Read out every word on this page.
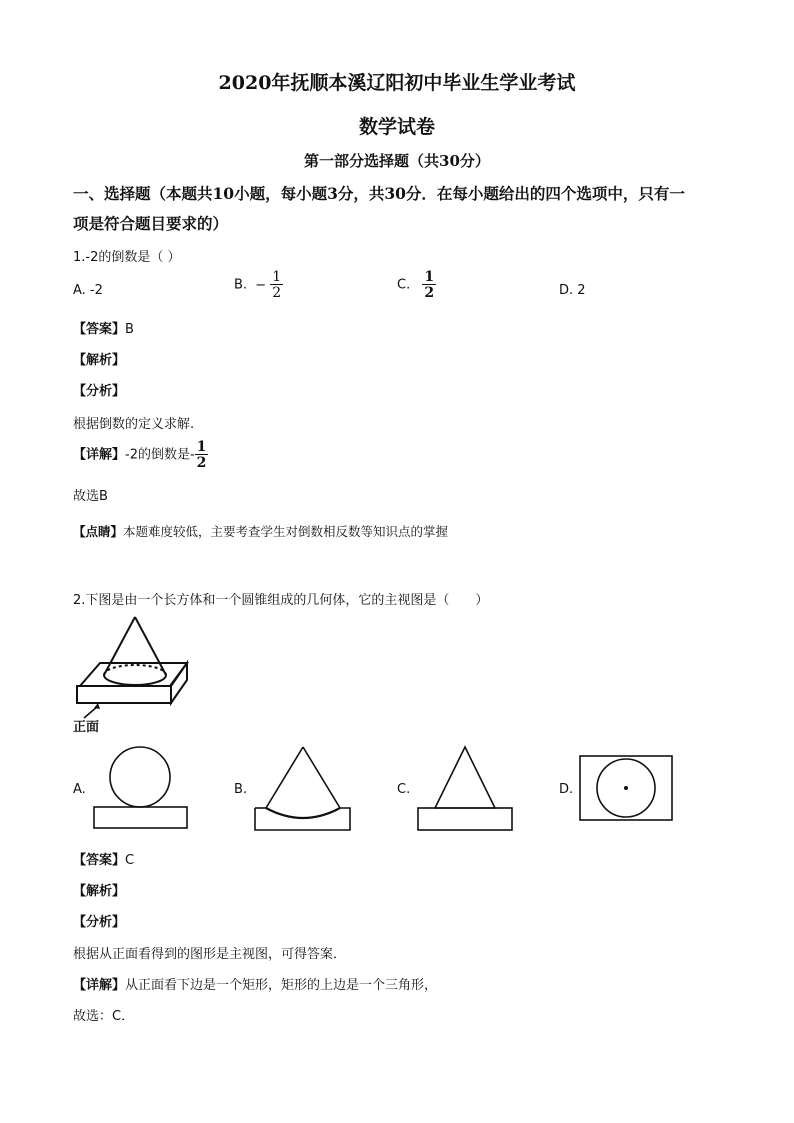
2020年抚顺本溪辽阳初中毕业生学业考试
数学试卷
第一部分选择题（共30分）
一、选择题（本题共10小题，每小题3分，共30分．在每小题给出的四个选项中，只有一
项是符合题目要求的）
1.-2的倒数是（ ）
A. -2	B. − $\frac{1}{2}$	C. $\frac{1}{2}$	D. 2
【答案】B
【解析】
【分析】
根据倒数的定义求解.
【详解】-2的倒数是- $\frac{1}{2}$
故选B
【点睛】本题难度较低，主要考查学生对倒数相反数等知识点的掌握
2.下图是由一个长方体和一个圆锥组成的几何体，它的主视图是（　　）
正面
A.	B.	C.	D.
【答案】C
【解析】
【分析】
根据从正面看得到的图形是主视图，可得答案．
【详解】从正面看下边是一个矩形，矩形的上边是一个三角形，
故选：C．
